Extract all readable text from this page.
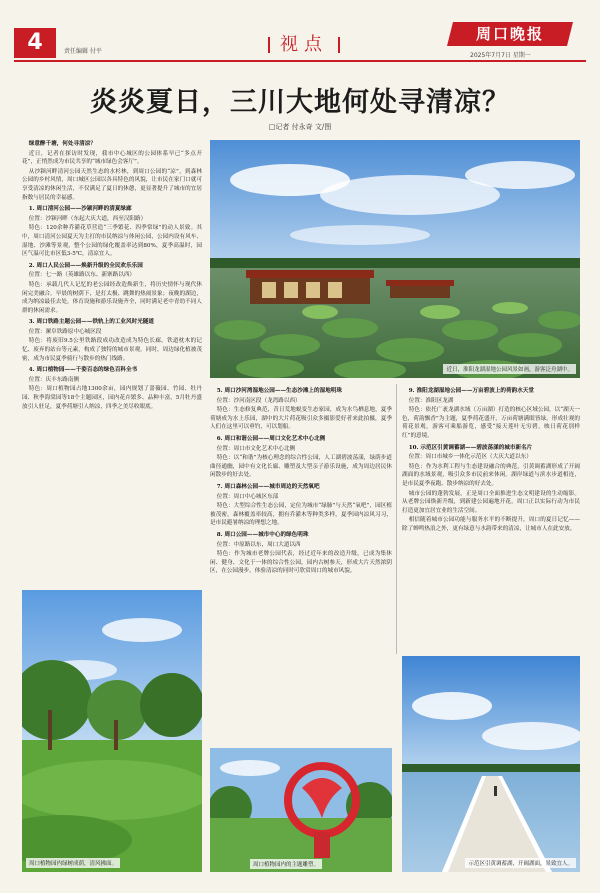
4	责任编辑 付平	视点	周口晚报
2025年7月7日 星期一
炎炎夏日，三川大地何处寻清凉？
□记者 付永奇 文/图

绿意醉千塘，何处寻清凉？

近日，记者在探访时发现，我市中心城区的公园体系早已“多点开花”，正悄然成为市民共享的“城市绿色会客厅”。

从沙颍河畔清河公园天然生态的水杉林，到周口公园的“凉”，到森林公园的乡村风情，周口城区公园以各具特色的风貌，让市民在家门口就可享受清凉的休闲生活，不仅满足了夏日的休憩，更显著提升了城市的宜居指数与居民的幸福感。

1. 周口清河公园——沙颍河畔的清夏绿廊

位置：沙颍河畔（东起大庆大道，西至汉阳路）

特色：120余种乔灌花草营造“三季繁花、四季常绿”的动人景致。其中，周口清河公园夏天为主打的市民纳凉与体闲公园，公园内设有风车、湿地、沙滩等景观，整个公园的绿化覆盖率达到80%，夏季高温时，园区气温可比市区低3-5℃，清凉宜人。

2. 周口人民公园——焕新升级的全民欢乐乐园

位置：七一路（英雄路以东、新寨路以西）

特色：承载几代人记忆的老公园经改造焕新生，将历史情怀与现代休闲完美融合。早晨的树荫下，是打太极、跳舞的热闹景象；夜晚的湖边，成为纳凉最佳去处，体育设施和游乐设施齐全，同时满足老中青幼不同人群的休闲需求。

3. 周口铁路主题公园——铁轨上的工业风时光隧道

位置：漯阜铁路原中心城区段

特色：将废旧9.5公里铁路段成功改造成为特色长廊，铁道枕木的记忆、废弃的站台等元素，构成了独特的城市景观。同时，周边绿化植被茂密，成为市民夏季骑行与散步的热门线路。

4. 周口植物园——千姿百态的绿色百科全书

位置：庆丰东路南侧

特色：周口植物园占地1300余亩，园内规划了蔷薇园、竹园、牡丹园、秋季海棠园等18个主题园区，园内花卉繁多、品种丰富，5月牡丹盛放引人驻足，夏季荷塘引人纳凉，四季之美尽收眼底。

近日，淮阳龙湖湿地公园风景如画，游客泛舟湖中。

5. 周口沙河湾湿地公园——生态沙滩上的湿地明珠

位置：沙河南区段（龙湾路以西）

特色：生态修复典范，昔日荒地蜕变生态家园，成为水鸟栖息地，夏季荷塘成为水上乐园，湖中的大片荷花吸引众多摄影爱好者来此拍摄，夏季人们在这里可以垂钓，可以划船。

6. 周口和谐公园——周口文化艺术中心北侧

位置：周口市文化艺术中心北侧

特色：以“和谐”为核心理念的综合性公园，人工湖碧波荡漾，绿荫步道曲径通幽，园中有文化长廊、雕塑及大型亲子游乐设施，成为周边居民休闲散步的好去处。

7. 周口森林公园——城市周边的天然氧吧

位置：周口中心城区东部

特色：大型综合性生态公园，定位为城市“绿肺”与天然“氧吧”，园区植被茂密，森林覆盖率较高，拥有乔灌木等种类多样，夏季园内凉风习习，是市民避暑纳凉的理想之地。

8. 周口公园——城市中心的绿色明珠

位置：中原路以东，周口大道以西

特色：作为城市老牌公园代表，经过近年来的改造升级，已成为集休闲、健身、文化于一体的综合性公园，园内古树参天，形成大片天然浓阴区，在公园漫步，体验清凉的同时可欣赏周口的城市风貌。

9. 淮阳龙湖湿地公园——万亩碧波上的荷韵水天堂

位置：淮阳区龙湖

特色：依托广袤龙湖水域（万亩湖）打造的核心区域公园，以“湖天一色，荷韵飘香”为主题，夏季荷花盛开，万亩荷塘满眼皆绿，形成壮观的荷花景观，游客可乘船游览，感受“接天莲叶无穷碧，映日荷花别样红”的意境。

10. 示范区引黄调蓄湖——碧波荡漾的城市新名片

位置：周口市城乡一体化示范区（大庆大道以东）

特色：作为水利工程与生态建设融合的典范，引黄调蓄湖形成了开阔湖面的水域景观，吸引众多市民前来休闲。湖岸绿道与滨水步道相连，是市民夏季夜跑、散步纳凉的好去处。

城市公园的蓬勃发展，正是周口全面推进生态文明建设的生动缩影。从老牌公园焕新升级，到新建公园遍地开花，周口正以实际行动为市民打造更加宜居宜业的生活空间。

相信随着城市公园功能与服务水平的不断提升，周口的夏日记忆——除了蝉鸣热浪之外，更有绿意与水韵带来的清凉，让城市人在此安放。

周口植物园内绿树成荫，清风拂面。	周口植物园内的主题雕塑。	示范区引黄调蓄湖，开阔湖面，景致宜人。
